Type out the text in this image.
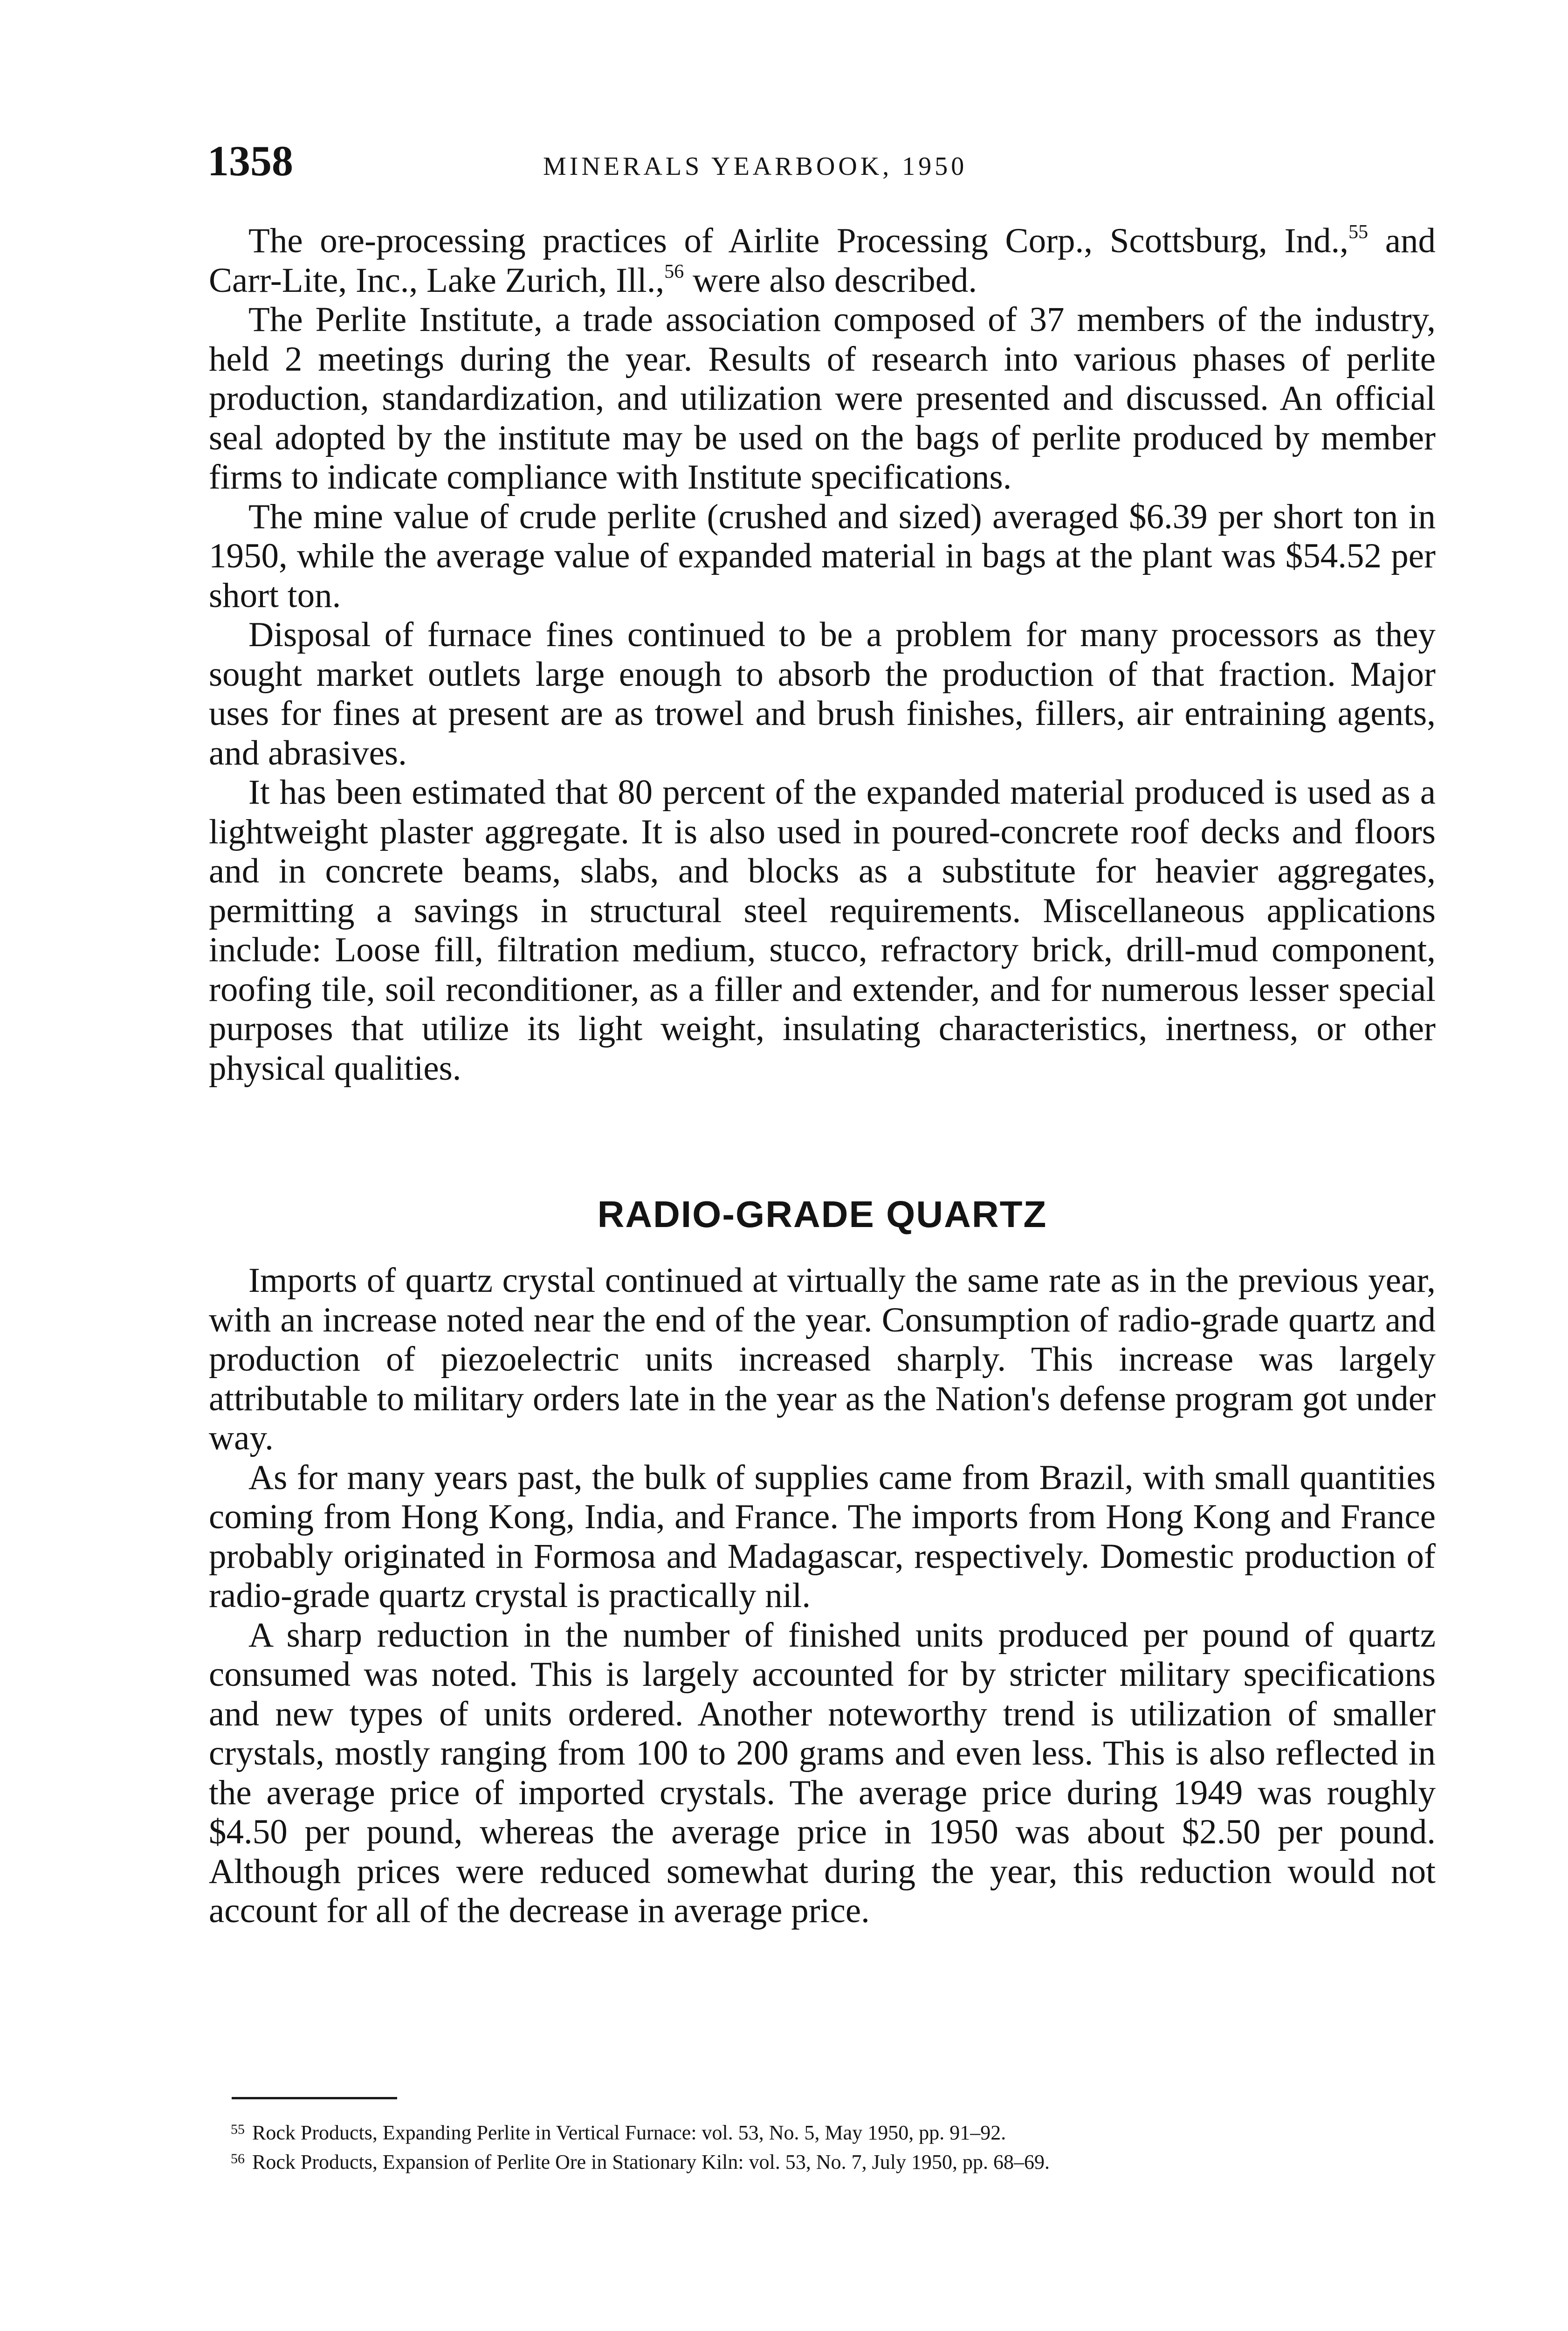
1358	MINERALS YEARBOOK, 1950

The ore-processing practices of Airlite Processing Corp., Scottsburg, Ind.,$^{55}$ and Carr-Lite, Inc., Lake Zurich, Ill.,$^{56}$ were also described.

The Perlite Institute, a trade association composed of 37 members of the industry, held 2 meetings during the year. Results of research into various phases of perlite production, standardization, and utilization were presented and discussed. An official seal adopted by the institute may be used on the bags of perlite produced by member firms to indicate compliance with Institute specifications.

The mine value of crude perlite (crushed and sized) averaged $6.39 per short ton in 1950, while the average value of expanded material in bags at the plant was $54.52 per short ton.

Disposal of furnace fines continued to be a problem for many processors as they sought market outlets large enough to absorb the production of that fraction. Major uses for fines at present are as trowel and brush finishes, fillers, air entraining agents, and abrasives.

It has been estimated that 80 percent of the expanded material produced is used as a lightweight plaster aggregate. It is also used in poured-concrete roof decks and floors and in concrete beams, slabs, and blocks as a substitute for heavier aggregates, permitting a savings in structural steel requirements. Miscellaneous applications include: Loose fill, filtration medium, stucco, refractory brick, drill-mud component, roofing tile, soil reconditioner, as a filler and extender, and for numerous lesser special purposes that utilize its light weight, insulating characteristics, inertness, or other physical qualities.

RADIO-GRADE QUARTZ

Imports of quartz crystal continued at virtually the same rate as in the previous year, with an increase noted near the end of the year. Consumption of radio-grade quartz and production of piezoelectric units increased sharply. This increase was largely attributable to military orders late in the year as the Nation's defense program got under way.

As for many years past, the bulk of supplies came from Brazil, with small quantities coming from Hong Kong, India, and France. The imports from Hong Kong and France probably originated in Formosa and Madagascar, respectively. Domestic production of radio-grade quartz crystal is practically nil.

A sharp reduction in the number of finished units produced per pound of quartz consumed was noted. This is largely accounted for by stricter military specifications and new types of units ordered. Another noteworthy trend is utilization of smaller crystals, mostly ranging from 100 to 200 grams and even less. This is also reflected in the average price of imported crystals. The average price during 1949 was roughly $4.50 per pound, whereas the average price in 1950 was about $2.50 per pound. Although prices were reduced somewhat during the year, this reduction would not account for all of the decrease in average price.

$^{55}$ Rock Products, Expanding Perlite in Vertical Furnace: vol. 53, No. 5, May 1950, pp. 91–92.

$^{56}$ Rock Products, Expansion of Perlite Ore in Stationary Kiln: vol. 53, No. 7, July 1950, pp. 68–69.
